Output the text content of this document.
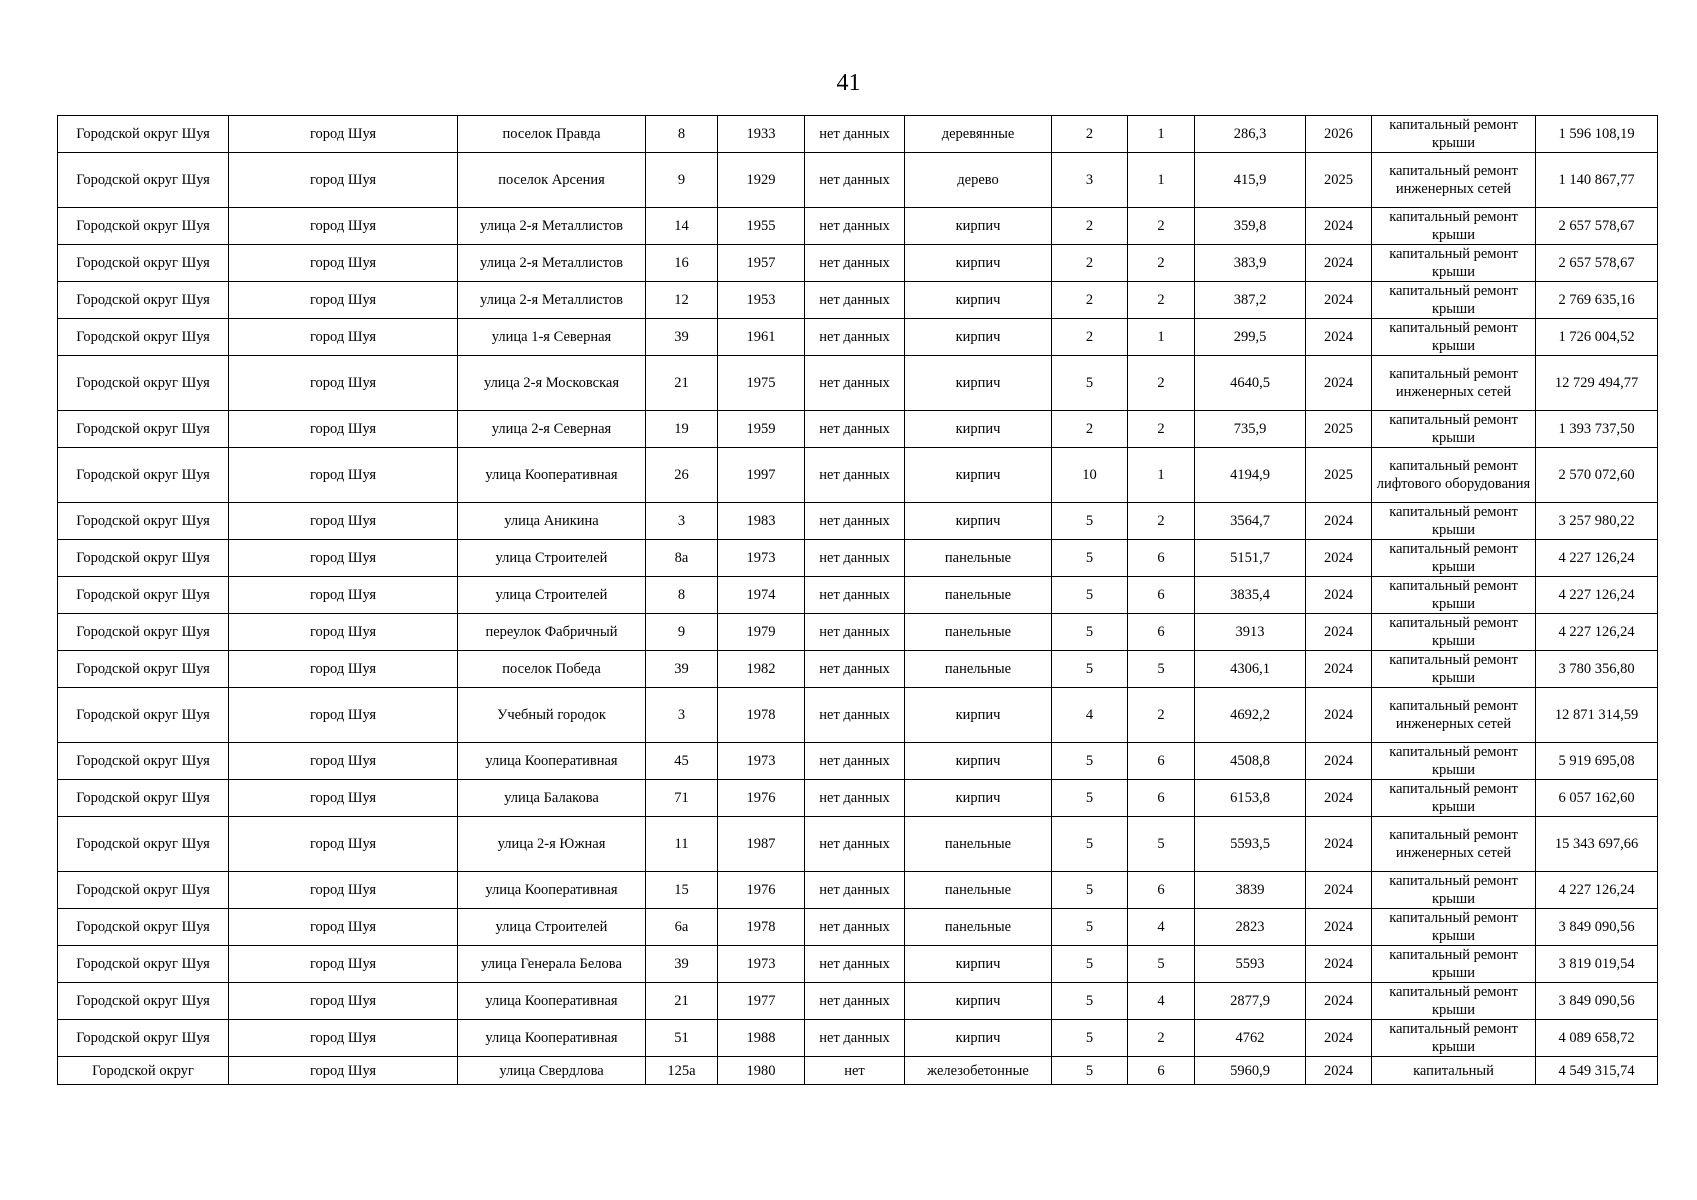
41
Городской округ Шуя	город Шуя	поселок Правда	8	1933	нет данных	деревянные	2	1	286,3	2026	капитальный ремонт крыши	1 596 108,19
Городской округ Шуя	город Шуя	поселок Арсения	9	1929	нет данных	дерево	3	1	415,9	2025	капитальный ремонт инженерных сетей	1 140 867,77
Городской округ Шуя	город Шуя	улица 2-я Металлистов	14	1955	нет данных	кирпич	2	2	359,8	2024	капитальный ремонт крыши	2 657 578,67
Городской округ Шуя	город Шуя	улица 2-я Металлистов	16	1957	нет данных	кирпич	2	2	383,9	2024	капитальный ремонт крыши	2 657 578,67
Городской округ Шуя	город Шуя	улица 2-я Металлистов	12	1953	нет данных	кирпич	2	2	387,2	2024	капитальный ремонт крыши	2 769 635,16
Городской округ Шуя	город Шуя	улица 1-я Северная	39	1961	нет данных	кирпич	2	1	299,5	2024	капитальный ремонт крыши	1 726 004,52
Городской округ Шуя	город Шуя	улица 2-я Московская	21	1975	нет данных	кирпич	5	2	4640,5	2024	капитальный ремонт инженерных сетей	12 729 494,77
Городской округ Шуя	город Шуя	улица 2-я Северная	19	1959	нет данных	кирпич	2	2	735,9	2025	капитальный ремонт крыши	1 393 737,50
Городской округ Шуя	город Шуя	улица Кооперативная	26	1997	нет данных	кирпич	10	1	4194,9	2025	капитальный ремонт лифтового оборудования	2 570 072,60
Городской округ Шуя	город Шуя	улица Аникина	3	1983	нет данных	кирпич	5	2	3564,7	2024	капитальный ремонт крыши	3 257 980,22
Городской округ Шуя	город Шуя	улица Строителей	8а	1973	нет данных	панельные	5	6	5151,7	2024	капитальный ремонт крыши	4 227 126,24
Городской округ Шуя	город Шуя	улица Строителей	8	1974	нет данных	панельные	5	6	3835,4	2024	капитальный ремонт крыши	4 227 126,24
Городской округ Шуя	город Шуя	переулок Фабричный	9	1979	нет данных	панельные	5	6	3913	2024	капитальный ремонт крыши	4 227 126,24
Городской округ Шуя	город Шуя	поселок Победа	39	1982	нет данных	панельные	5	5	4306,1	2024	капитальный ремонт крыши	3 780 356,80
Городской округ Шуя	город Шуя	Учебный городок	3	1978	нет данных	кирпич	4	2	4692,2	2024	капитальный ремонт инженерных сетей	12 871 314,59
Городской округ Шуя	город Шуя	улица Кооперативная	45	1973	нет данных	кирпич	5	6	4508,8	2024	капитальный ремонт крыши	5 919 695,08
Городской округ Шуя	город Шуя	улица Балакова	71	1976	нет данных	кирпич	5	6	6153,8	2024	капитальный ремонт крыши	6 057 162,60
Городской округ Шуя	город Шуя	улица 2-я Южная	11	1987	нет данных	панельные	5	5	5593,5	2024	капитальный ремонт инженерных сетей	15 343 697,66
Городской округ Шуя	город Шуя	улица Кооперативная	15	1976	нет данных	панельные	5	6	3839	2024	капитальный ремонт крыши	4 227 126,24
Городской округ Шуя	город Шуя	улица Строителей	6а	1978	нет данных	панельные	5	4	2823	2024	капитальный ремонт крыши	3 849 090,56
Городской округ Шуя	город Шуя	улица Генерала Белова	39	1973	нет данных	кирпич	5	5	5593	2024	капитальный ремонт крыши	3 819 019,54
Городской округ Шуя	город Шуя	улица Кооперативная	21	1977	нет данных	кирпич	5	4	2877,9	2024	капитальный ремонт крыши	3 849 090,56
Городской округ Шуя	город Шуя	улица Кооперативная	51	1988	нет данных	кирпич	5	2	4762	2024	капитальный ремонт крыши	4 089 658,72
Городской округ	город Шуя	улица Свердлова	125а	1980	нет	железобетонные	5	6	5960,9	2024	капитальный	4 549 315,74
